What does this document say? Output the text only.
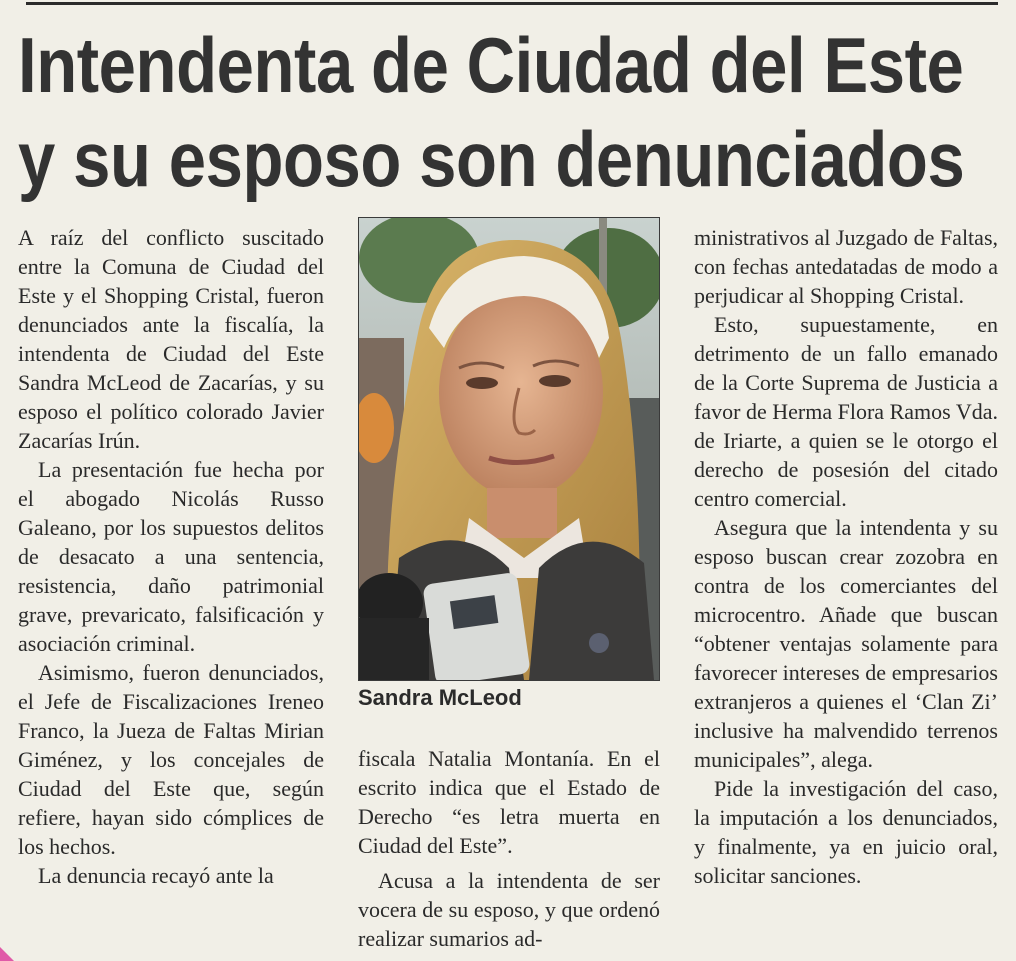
Intendenta de Ciudad del Este
y su esposo son denunciados

A raíz del conflicto suscitado entre la Comuna de Ciudad del Este y el Shopping Cristal, fueron denunciados ante la fiscalía, la intendenta de Ciudad del Este Sandra McLeod de Zacarías, y su esposo el político colorado Javier Zacarías Irún.

La presentación fue hecha por el abogado Nicolás Russo Galeano, por los supuestos delitos de desacato a una sentencia, resistencia, daño patrimonial grave, prevaricato, falsificación y asociación criminal.

Asimismo, fueron denunciados, el Jefe de Fiscalizaciones Ireneo Franco, la Jueza de Faltas Mirian Giménez, y los concejales de Ciudad del Este que, según refiere, hayan sido cómplices de los hechos.

La denuncia recayó ante la

Sandra McLeod

fiscala Natalia Montanía. En el escrito indica que el Estado de Derecho “es letra muerta en Ciudad del Este”.

Acusa a la intendenta de ser vocera de su esposo, y que ordenó realizar sumarios ad-

ministrativos al Juzgado de Faltas, con fechas antedatadas de modo a perjudicar al Shopping Cristal.

Esto, supuestamente, en detrimento de un fallo emanado de la Corte Suprema de Justicia a favor de Herma Flora Ramos Vda. de Iriarte, a quien se le otorgo el derecho de posesión del citado centro comercial.

Asegura que la intendenta y su esposo buscan crear zozobra en contra de los comerciantes del microcentro. Añade que buscan “obtener ventajas solamente para favorecer intereses de empresarios extranjeros a quienes el ‘Clan Zi’ inclusive ha malvendido terrenos municipales”, alega.

Pide la investigación del caso, la imputación a los denunciados, y finalmente, ya en juicio oral, solicitar sanciones.
